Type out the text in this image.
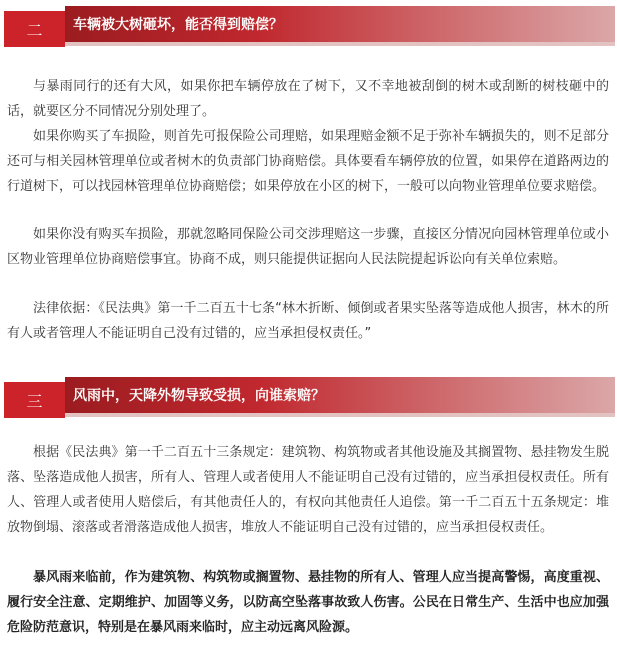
二	车辆被大树砸坏，能否得到赔偿？

与暴雨同行的还有大风，如果你把车辆停放在了树下，又不幸地被刮倒的树木或刮断的树枝砸中的话，就要区分不同情况分别处理了。

如果你购买了车损险，则首先可报保险公司理赔，如果理赔金额不足于弥补车辆损失的，则不足部分还可与相关园林管理单位或者树木的负责部门协商赔偿。具体要看车辆停放的位置，如果停在道路两边的行道树下，可以找园林管理单位协商赔偿；如果停放在小区的树下，一般可以向物业管理单位要求赔偿。

如果你没有购买车损险，那就忽略同保险公司交涉理赔这一步骤，直接区分情况向园林管理单位或小区物业管理单位协商赔偿事宜。协商不成，则只能提供证据向人民法院提起诉讼向有关单位索赔。

法律依据：《民法典》第一千二百五十七条“林木折断、倾倒或者果实坠落等造成他人损害，林木的所有人或者管理人不能证明自己没有过错的，应当承担侵权责任。”

三	风雨中，天降外物导致受损，向谁索赔？

根据《民法典》第一千二百五十三条规定：建筑物、构筑物或者其他设施及其搁置物、悬挂物发生脱落、坠落造成他人损害，所有人、管理人或者使用人不能证明自己没有过错的，应当承担侵权责任。所有人、管理人或者使用人赔偿后，有其他责任人的，有权向其他责任人追偿。第一千二百五十五条规定：堆放物倒塌、滚落或者滑落造成他人损害，堆放人不能证明自己没有过错的，应当承担侵权责任。

暴风雨来临前，作为建筑物、构筑物或搁置物、悬挂物的所有人、管理人应当提高警惕，高度重视、履行安全注意、定期维护、加固等义务，以防高空坠落事故致人伤害。公民在日常生产、生活中也应加强危险防范意识，特别是在暴风雨来临时，应主动远离风险源。
